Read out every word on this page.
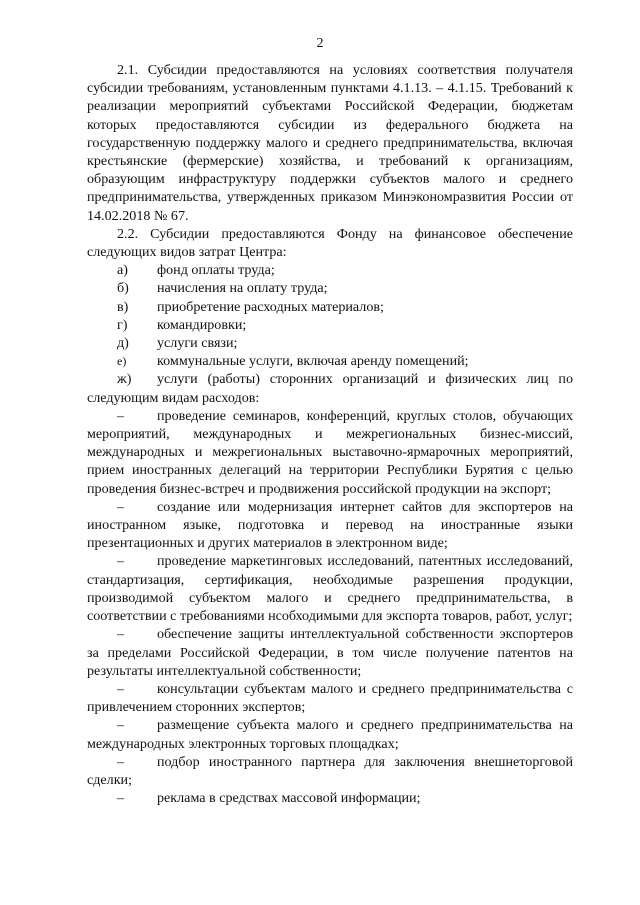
2

2.1. Субсидии предоставляются на условиях соответствия получателя субсидии требованиям, установленным пунктами 4.1.13. – 4.1.15. Требований к реализации мероприятий субъектами Российской Федерации, бюджетам которых предоставляются субсидии из федерального бюджета на государственную поддержку малого и среднего предпринимательства, включая крестьянские (фермерские) хозяйства, и требований к организациям, образующим инфраструктуру поддержки субъектов малого и среднего предпринимательства, утвержденных приказом Минэкономразвития России от 14.02.2018 № 67.

2.2. Субсидии предоставляются Фонду на финансовое обеспечение следующих видов затрат Центра:

а) фонд оплаты труда;
б) начисления на оплату труда;
в) приобретение расходных материалов;
г) командировки;
д) услуги связи;
е) коммунальные услуги, включая аренду помещений;
ж)	услуги (работы) сторонних организаций и физических лиц по следующим видам расходов:

– проведение семинаров, конференций, круглых столов, обучающих мероприятий, международных и межрегиональных бизнес-миссий, международных и межрегиональных выставочно-ярмарочных мероприятий, прием иностранных делегаций на территории Республики Бурятия с целью проведения бизнес-встреч и продвижения российской продукции на экспорт;

– создание или модернизация интернет сайтов для экспортеров на иностранном языке, подготовка и перевод на иностранные языки презентационных и других материалов в электронном виде;

– проведение маркетинговых исследований, патентных исследований, стандартизация, сертификация, необходимые разрешения продукции, производимой субъектом малого и среднего предпринимательства, в соответствии с требованиями нсобходимыми для экспорта товаров, работ, услуг;

– обеспечение защиты интеллектуальной собственности экспортеров за пределами Российской Федерации, в том числе получение патентов на результаты интеллектуальной собственности;

– консультации субъектам малого и среднего предпринимательства с привлечением сторонних экспертов;

– размещение субъекта малого и среднего предпринимательства на международных электронных торговых площадках;

– подбор иностранного партнера для заключения внешнеторговой сделки;

– реклама в средствах массовой информации;
